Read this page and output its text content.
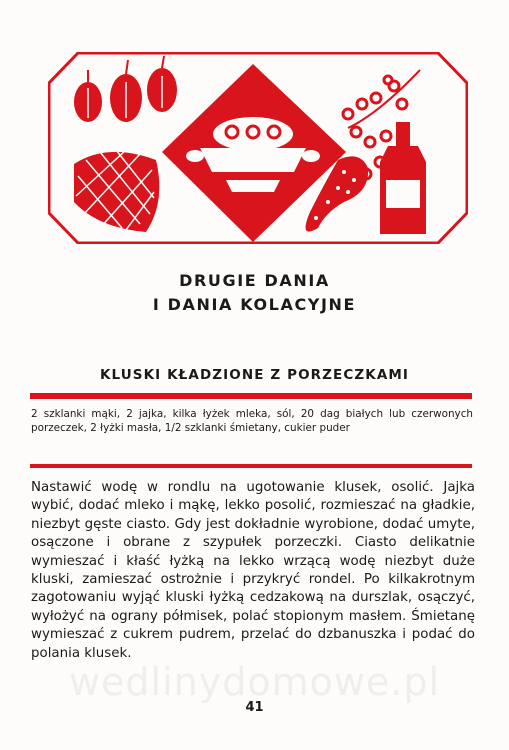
DRUGIE DANIA
I DANIA KOLACYJNE
KLUSKI KŁADZIONE Z PORZECZKAMI
2 szklanki mąki, 2 jajka, kilka łyżek mleka, sól, 20 dag białych lub czerwonych porzeczek, 2 łyżki masła, 1/2 szklanki śmietany, cukier puder
Nastawić wodę w rondlu na ugotowanie klusek, osolić. Jajka wybić, dodać mleko i mąkę, lekko posolić, rozmieszać na gładkie, niezbyt gęste ciasto. Gdy jest dokładnie wyrobione, dodać umyte, osączone i obrane z szypułek porzeczki. Ciasto delikatnie wymieszać i kłaść łyżką na lekko wrzącą wodę niezbyt duże kluski, zamieszać ostrożnie i przykryć rondel. Po kilkakrotnym zagotowaniu wyjąć kluski łyżką cedzakową na durszlak, osączyć, wyłożyć na ograny półmisek, polać stopionym masłem. Śmietanę wymieszać z cukrem pudrem, przelać do dzbanuszka i podać do polania klusek.
wedlinydomowe.pl
41
